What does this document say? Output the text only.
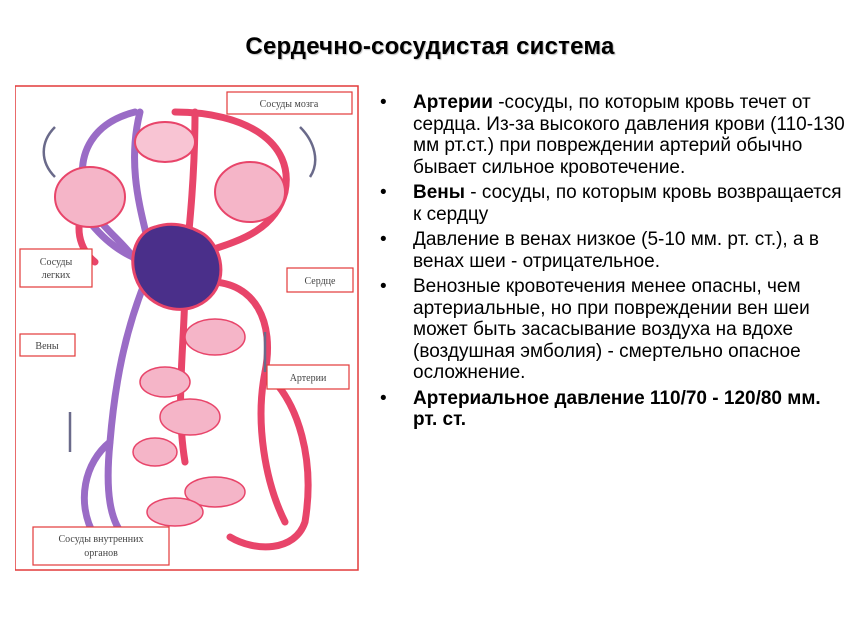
Сердечно-сосудистая система
Сосуды мозга
Сосуды
легких
Сердце
Вены
Артерии
Сосуды внутренних
органов
• Артерии -сосуды, по которым кровь течет от сердца. Из-за высокого давления крови (110-130 мм рт.ст.) при повреждении артерий обычно бывает сильное кровотечение.
• Вены - сосуды, по которым кровь возвращается к сердцу
• Давление в венах низкое (5-10 мм. рт. ст.), а в венах шеи - отрицательное.
• Венозные кровотечения менее опасны, чем артериальные, но при повреждении вен шеи может быть засасывание воздуха на вдохе (воздушная эмболия) - смертельно опасное осложнение.
• Артериальное давление 110/70 - 120/80 мм. рт. ст.
